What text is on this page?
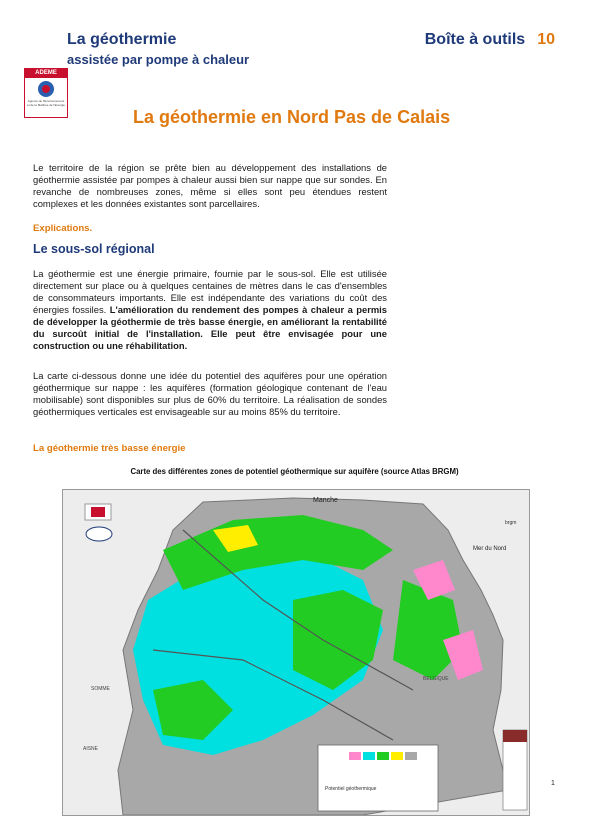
La géothermie
assistée par pompe à chaleur
Boîte à outils 10
ADEME
Agence de l'Environnement et de la Maîtrise de l'Energie
La géothermie en Nord Pas de Calais
Le territoire de la région se prête bien au développement des installations de géothermie assistée par pompes à chaleur aussi bien sur nappe que sur sondes. En revanche de nombreuses zones, même si elles sont peu étendues restent complexes et les données existantes sont parcellaires.
Explications.
Le sous-sol régional
La géothermie est une énergie primaire, fournie par le sous-sol. Elle est utilisée directement sur place ou à quelques centaines de mètres dans le cas d'ensembles de consommateurs importants. Elle est indépendante des variations du coût des énergies fossiles. L'amélioration du rendement des pompes à chaleur a permis de développer la géothermie de très basse énergie, en améliorant la rentabilité du surcoût initial de l'installation. Elle peut être envisagée pour une construction ou une réhabilitation.
La carte ci-dessous donne une idée du potentiel des aquifères pour une opération géothermique sur nappe : les aquifères (formation géologique contenant de l'eau mobilisable) sont disponibles sur plus de 60% du territoire. La réalisation de sondes géothermiques verticales est envisageable sur au moins 85% du territoire.
La géothermie très basse énergie
Carte des différentes zones de potentiel géothermique sur aquifère (source Atlas BRGM)
Manche
Mer du Nord
BELGIQUE
SOMME
AISNE
Potentiel géothermique
brgm
1
